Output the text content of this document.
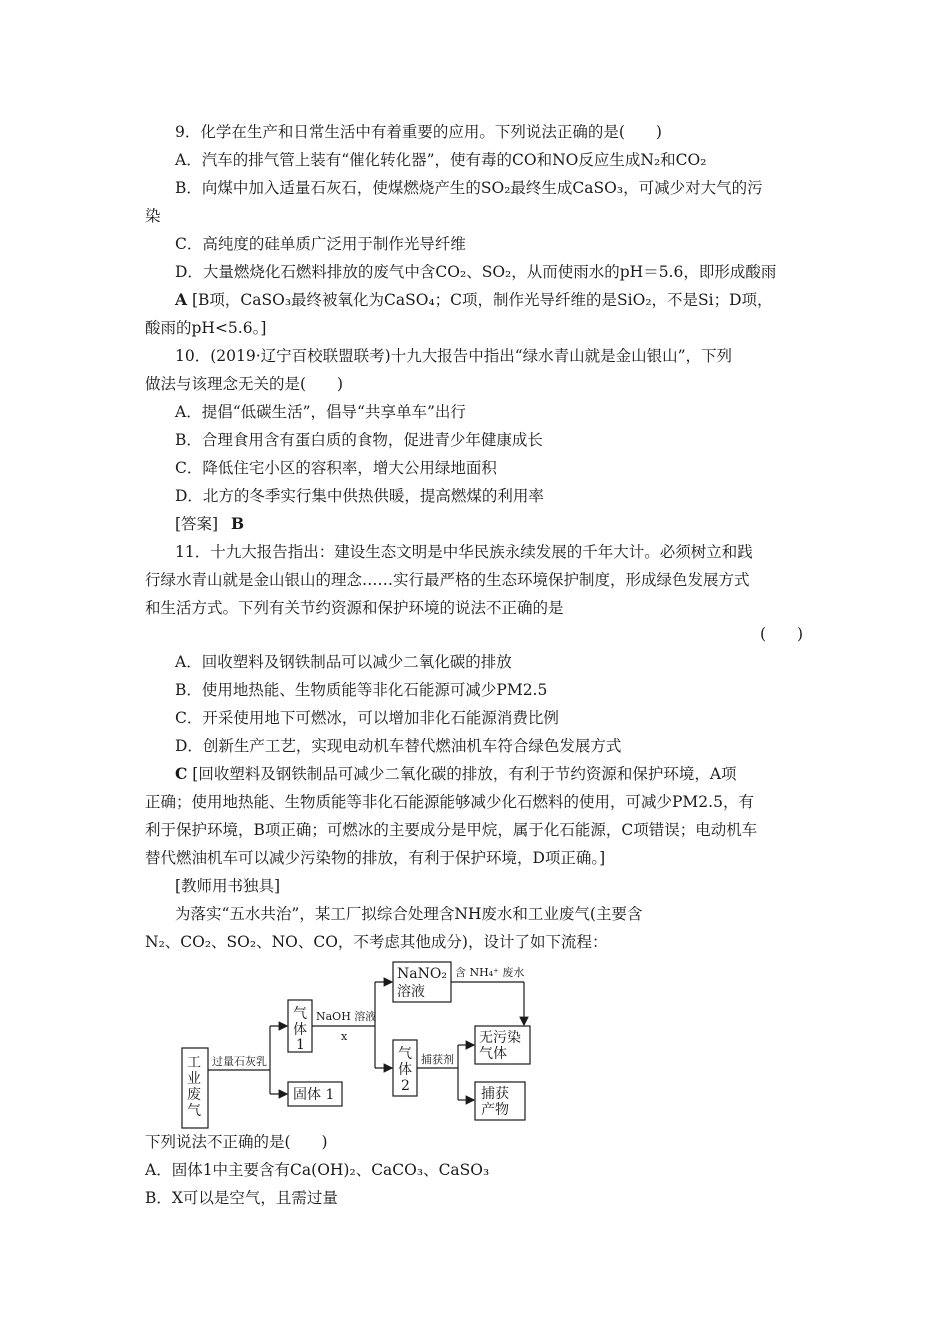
9．化学在生产和日常生活中有着重要的应用。下列说法正确的是(　　)
A．汽车的排气管上装有“催化转化器”，使有毒的CO和NO反应生成N₂和CO₂
B．向煤中加入适量石灰石，使煤燃烧产生的SO₂最终生成CaSO₃，可减少对大气的污
染
C．高纯度的硅单质广泛用于制作光导纤维
D．大量燃烧化石燃料排放的废气中含CO₂、SO₂，从而使雨水的pH＝5.6，即形成酸雨
A [B项，CaSO₃最终被氧化为CaSO₄；C项，制作光导纤维的是SiO₂，不是Si；D项，
酸雨的pH<5.6。]
10．(2019·辽宁百校联盟联考)十九大报告中指出“绿水青山就是金山银山”，下列
做法与该理念无关的是(　　)
A．提倡“低碳生活”，倡导“共享单车”出行
B．合理食用含有蛋白质的食物，促进青少年健康成长
C．降低住宅小区的容积率，增大公用绿地面积
D．北方的冬季实行集中供热供暖，提高燃煤的利用率
[答案] B
11．十九大报告指出：建设生态文明是中华民族永续发展的千年大计。必须树立和践
行绿水青山就是金山银山的理念……实行最严格的生态环境保护制度，形成绿色发展方式
和生活方式。下列有关节约资源和保护环境的说法不正确的是
(　　)
A．回收塑料及钢铁制品可以减少二氧化碳的排放
B．使用地热能、生物质能等非化石能源可减少PM2.5
C．开采使用地下可燃冰，可以增加非化石能源消费比例
D．创新生产工艺，实现电动机车替代燃油机车符合绿色发展方式
C [回收塑料及钢铁制品可减少二氧化碳的排放，有利于节约资源和保护环境，A项
正确；使用地热能、生物质能等非化石能源能够减少化石燃料的使用，可减少PM2.5，有
利于保护环境，B项正确；可燃冰的主要成分是甲烷，属于化石能源，C项错误；电动机车
替代燃油机车可以减少污染物的排放，有利于保护环境，D项正确。]
[教师用书独具]
为落实“五水共治”，某工厂拟综合处理含NH废水和工业废气(主要含
N₂、CO₂、SO₂、NO、CO，不考虑其他成分)，设计了如下流程：
工
业
废
气
气
体
1
固体 1
NaNO₂
溶液
气
体
2
无污染
气体
捕获
产物
过量石灰乳
NaOH 溶液
x
含 NH₄⁺ 废水
捕获剂
下列说法不正确的是(　　)
A．固体1中主要含有Ca(OH)₂、CaCO₃、CaSO₃
B．X可以是空气，且需过量
